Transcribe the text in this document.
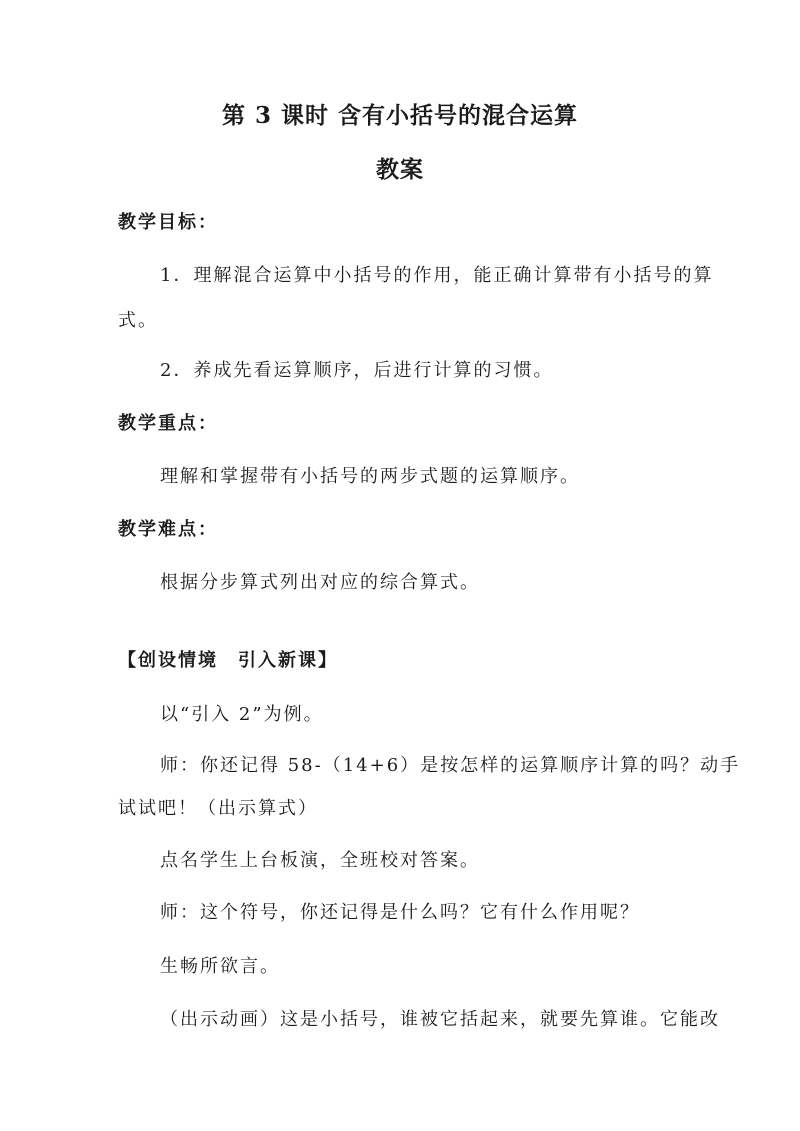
第 3 课时 含有小括号的混合运算
教案
教学目标：
1．理解混合运算中小括号的作用，能正确计算带有小括号的算
式。
2．养成先看运算顺序，后进行计算的习惯。
教学重点：
理解和掌握带有小括号的两步式题的运算顺序。
教学难点：
根据分步算式列出对应的综合算式。
【创设情境　引入新课】
以“引入 2”为例。
师：你还记得 58-（14+6）是按怎样的运算顺序计算的吗？动手
试试吧！（出示算式）
点名学生上台板演，全班校对答案。
师：这个符号，你还记得是什么吗？它有什么作用呢？
生畅所欲言。
（出示动画）这是小括号，谁被它括起来，就要先算谁。它能改
